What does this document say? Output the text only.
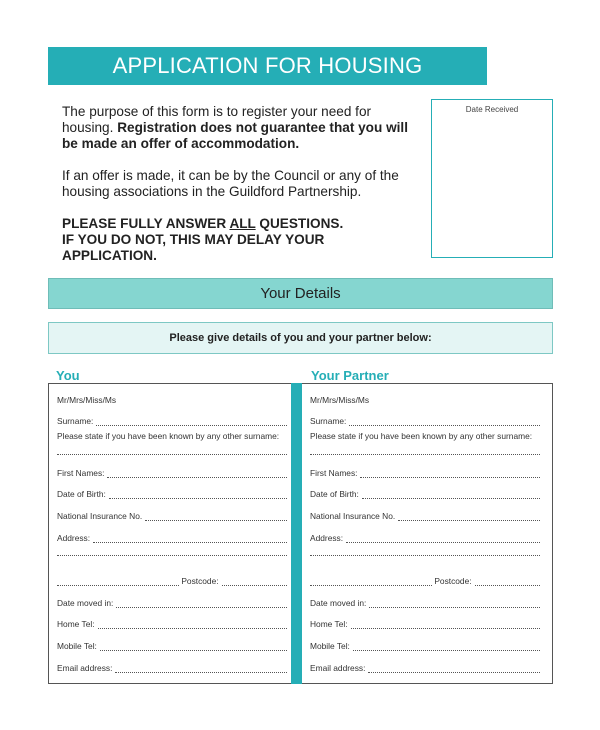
APPLICATION FOR HOUSING

The purpose of this form is to register your need for housing. Registration does not guarantee that you will be made an offer of accommodation.

If an offer is made, it can be by the Council or any of the housing associations in the Guildford Partnership.

PLEASE FULLY ANSWER ALL QUESTIONS.

IF YOU DO NOT, THIS MAY DELAY YOUR APPLICATION.

Date Received
Your Details
Please give details of you and your partner below:
You	Your Partner
Mr/Mrs/Miss/Ms
Surname:
Please state if you have been known by any other surname:
First Names:
Date of Birth:
National Insurance No.
Address:

Postcode:
Date moved in:
Home Tel:
Mobile Tel:
Email address:
Mr/Mrs/Miss/Ms
Surname:
Please state if you have been known by any other surname:
First Names:
Date of Birth:
National Insurance No.
Address:

Postcode:
Date moved in:
Home Tel:
Mobile Tel:
Email address:
